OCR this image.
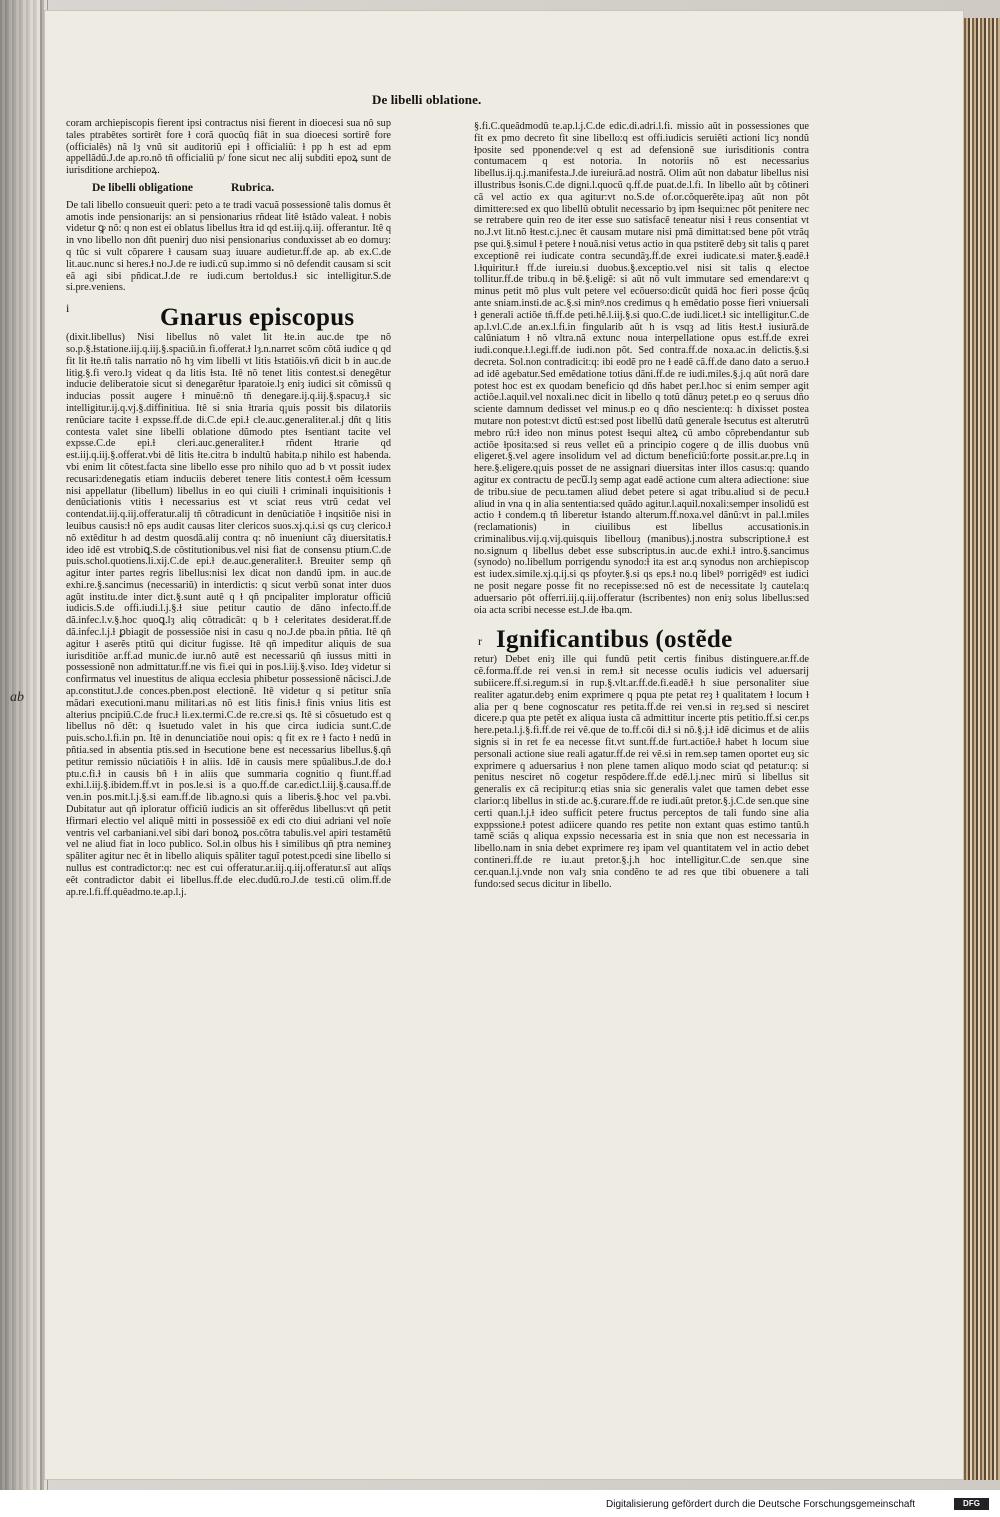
ab
De libelli oblatione.

coram archiepiscopis fierent ipsi contractus nisi fierent in dioecesi sua nô sup tales ptrabêtes sortirêt fore ɫ corã quocûq fiât in sua dioecesi sortirê fore (officialês) nã lȝ vnũ sit auditoriũ epi ɫ officialiũ: ɫ pp h est ad epm appellãdũ.J.de ap.ro.nô tñ officialiũ p/ fone sicut nec alij subditi epoꝝ sunt de iurisditione archiepoꝝ.

De libelli obligatione	Rubrica.

De tali libello consueuit queri: peto a te tradi vacuã possessionê talis domus ẽt amotis inde pensionarijs: an si pensionarius rñdeat litê ɫstãdo valeat. ɫ nobis videtur ꝙ nõ: q non est ei oblatus libellus ɫtra id qd est.iij.q.iij. offerantur. Itê q in vno libello non dñt puenirj duo nisi pensionarius conduxisset ab eo domuȝ: q tũc si vult cõparere ɫ causam suaȝ iuuare audietur.ff.de ap. ab ex.C.de lit.auc.nunc si heres.ɫ no.J.de re iudi.cũ sup.immo si nõ defendit causam si scit eã agi sibi pñdicat.J.de re iudi.cum bertoldus.ɫ sic intelligitur.S.de si.pre.veniens.

i	Gnarus episcopus

(dixit.libellus) Nisi libellus nô valet lit ɫte.in auc.de tpe nõ so.p.§.ɫstatione.iij.q.iij.§.spaciũ.in fi.offerat.ɫ lȝ.n.narret scõm cõtã iudice q qd fit lit ɫte.tñ talis narratio nõ hȝ vim libelli vt litis ɫstatiõis.vñ dicit b in auc.de litig.§.fi vero.lȝ videat q da litis ɫsta. Itê nõ tenet litis contest.si denegêtur inducie deliberatoie sicut si denegarêtur ɫparatoie.lȝ eniȝ iudici sit cõmissũ q inducias possit augere ɫ minuẽ:nõ tñ denegare.ij.q.iij.§.spacuȝ.ɫ sic intelligitur.ij.q.vj.§.diffinitiua. Itê si snia ɫtraria q¡uis possit bis dilatoriis renũciare tacite ɫ expsse.ff.de di.C.de epi.ɫ cle.auc.generaliter.al.j dñt q litis contesta valet sine libelli oblatione dũmodo ptes ɫsentiant tacite vel expsse.C.de epi.ɫ cleri.auc.generaliter.ɫ rñdent ɫtrarie qd est.iij.q.iij.§.offerat.vbi dẽ litis ɫte.citra b indultũ habita.p nihilo est habenda. vbi enim lit cõtest.facta sine libello esse pro nihilo quo ad b vt possit iudex recusari:denegatis etiam induciis deberet tenere litis contest.ɫ oẽm ɫcessum nisi appellatur (libellum) libellus in eo qui ciuili ɫ criminali inquisitionis ɫ denũciationis vtitis ɫ necessarius est vt sciat reus vtrũ cedat vel contendat.iij.q.iij.offeratur.alij tñ cõtradicunt in denũciatiõe ɫ inqsitiõe nisi in leuibus causis:ɫ nõ eps audit causas liter clericos suos.xj.q.i.si qs cuȝ clerico.ɫ nõ extêditur h ad destm quosdã.alij contra q: nõ inueniunt cãȝ diuersitatis.ɫ ideo idẽ est vtrobiꝗ.S.de cõstitutionibus.vel nisi fiat de consensu ptium.C.de puis.schol.quotiens.li.xij.C.de epi.ɫ de.auc.generaliter.ɫ. Breuiter semp qñ agitur inter partes regris libellus:nisi lex dicat non dandũ ipm. in auc.de exhi.re.§.sancimus (necessariũ) in interdictis: q sicut verbũ sonat inter duos agũt institu.de inter dict.§.sunt autẽ q ɫ qñ pncipaliter imploratur officiũ iudicis.S.de offi.iudi.l.j.§.ɫ siue petitur cautio de dãno infecto.ff.de dã.infec.l.v.§.hoc quoꝗ.lȝ aliq cõtradicãt: q b ɫ celeritates desiderat.ff.de dã.infec.l.j.ɫ ꝑbiagit de possessiõe nisi in casu q no.J.de pba.in pñtia. Itê qñ agitur ɫ aserẽs ptitũ qui dicitur fugisse. Itê qñ impeditur aliquis de sua iurisditiõe ar.ff.ad munic.de iur.nõ autẽ est necessariũ qñ iussus mitti in possessionẽ non admittatur.ff.ne vis fi.ei qui in pos.l.iij.§.viso. Ideȝ videtur si confirmatus vel inuestitus de aliqua ecclesia phibetur possessionẽ nãcisci.J.de ap.constitut.J.de conces.pben.post electionẽ. Itê videtur q si petitur snĩa mãdari executioni.manu militari.as nõ est litis finis.ɫ finis vnius litis est alterius pncipiũ.C.de fruc.ɫ li.ex.termi.C.de re.cre.si qs. Itê si cõsuetudo est q libellus nõ dẽt: q ɫsuetudo valet in his que circa iudicia sunt.C.de puis.scho.l.fi.in pn. Itê in denunciatiõe noui opis: q fit ex re ɫ facto ɫ nedũ in pñtia.sed in absentia ptis.sed in ɫsecutione bene est necessarius libellus.§.qñ petitur remissio nũciatiõis ɫ in aliis. Idẽ in causis mere spũalibus.J.de do.ɫ ptu.c.fi.ɫ in causis bñ ɫ in aliis que summaria cognitio q fiunt.ff.ad exhi.l.iij.§.ibidem.ff.vt in pos.le.si is a quo.ff.de car.edict.l.iij.§.causa.ff.de ven.in pos.mit.l.j.§.si eam.ff.de lib.agno.si quis a liberis.§.hoc vel pa.vbi. Dubitatur aut qñ iploratur officiũ iudicis an sit offerẽdus libellus:vt qñ petit ɫfirmari electio vel aliquẽ mitti in possessiõẽ ex edi cto diui adriani vel noĩe ventris vel carbaniani.vel sibi dari bonoꝝ pos.cõtra tabulis.vel apiri testamẽtũ vel ne aliud fiat in loco publico. Sol.in olbus his ɫ similibus qñ ptra nemineȝ spãliter agitur nec ẽt in libello aliquis spãliter taguĩ potest.pcedi sine libello si nullus est contradictor:q: nec est cui offeratur.ar.iij.q.iij.offeratur.sĩ aut alĩqs eẽt contradictor dabit ei libellus.ff.de elec.dudũ.ro.J.de testi.cũ olim.ff.de ap.re.l.fi.ff.quẽadmo.te.ap.l.j.

§.fi.C.queãdmodũ te.ap.l.j.C.de edic.di.adri.l.fi. missio aũt in possessiones que fit ex pmo decreto fit sine libello:q est offi.iudicis seruiẽti actioni licȝ nondũ ɫposite sed pponende:vel q est ad defensionẽ sue iurisditionis contra contumacem q est notoria. In notoriis nõ est necessarius libellus.ij.q.j.manifesta.J.de iureiurã.ad nostrã. Olim aũt non dabatur libellus nisi illustribus ɫsonis.C.de digni.l.quocũ q.ff.de puat.de.l.fi. In libello aũt bȝ cõtineri cã vel actio ex qua agitur:vt no.S.de of.or.cõquerẽte.ipaȝ aũt non põt dimittere:sed ex quo libellũ obtulit necessario bȝ ipm ɫsequi:nec põt penitere nec se retrabere quin reo de iter esse suo satisfacẽ teneatur nisi ɫ reus consentiat vt no.J.vt lit.nõ ɫtest.c.j.nec ẽt causam mutare nisi pmã dimittat:sed bene põt vtrãq pse qui.§.simul ɫ petere ɫ nouã.nisi vetus actio in qua pstiterẽ debȝ sit talis q paret exceptionẽ rei iudicate contra secundãȝ.ff.de exrei iudicate.si mater.§.eadẽ.ɫ l.ɫquiritur.ɫ ff.de iureiu.si duobus.§.exceptio.vel nisi sit talis q electoe tollitur.ff.de tribu.q in bẽ.§.eligẽ: si aũt nõ vult immutare sed emendare:vt q minus petit mõ plus vult petere vel ecõuerso:dicũt quidã hoc fieri posse q̃cũq ante sniam.insti.de ac.§.si minꝰ.nos credimus q h emẽdatio posse fieri vniuersali ɫ generali actiõe tñ.ff.de peti.hẽ.l.iij.§.si quo.C.de iudi.licet.ɫ sic intelligitur.C.de ap.l.vl.C.de an.ex.l.fi.in fingularib aũt h is vsqȝ ad litis ɫtest.ɫ iusiurã.de calũniatum ɫ nõ vltra.nã extunc noua interpellatione opus est.ff.de exrei iudi.conque.ɫ.l.egi.ff.de iudi.non põt. Sed contra.ff.de noxa.ac.in delictis.§.si decreta. Sol.non contradicit:q: ibi eodẽ pro ne ɫ eadẽ cã.ff.de dano dato a seruo.ɫ ad idẽ agebatur.Sed emẽdatione totius dãni.ff.de re iudi.miles.§.j.q aũt norã dare potest hoc est ex quodam beneficio qd dñs habet per.l.hoc si enim semper agit actiõe.l.aquil.vel noxali.nec dicit in libello q totũ dãnuȝ petet.p eo q seruus dño sciente damnum dedisset vel minus.p eo q dño nesciente:q: h dixisset postea mutare non potest:vt dictũ est:sed post libellũ datũ generale ɫsecutus est alterutrũ mebro rũ:ɫ ideo non minus potest ɫsequi alteꝝ cũ ambo cõprebendantur sub actiõe ɫposita:sed si reus vellet eũ a principio cogere q de illis duobus vnũ eligeret.§.vel agere insolidum vel ad dictum beneficiũ:forte possit.ar.pre.l.q in here.§.eligere.q¡uis posset de ne assignari diuersitas inter illos casus:q: quando agitur ex contractu de pecuᷓ.lȝ semp agat eadẽ actione cum altera adiectione: siue de tribu.siue de pecu.tamen aliud debet petere si agat tribu.aliud si de pecu.ɫ aliud in vna q in alia sententia:sed quãdo agitur.l.aquil.noxali:semper insolidũ est actio ɫ condem.q tñ liberetur ɫstando alterum.ff.noxa.vel dãnũ:vt in pal.l.miles (reclamationis) in ciuilibus est libellus accusationis.in criminalibus.vij.q.vij.quisquis libellouȝ (manibus).j.nostra subscriptione.ɫ est no.signum q libellus debet esse subscriptus.in auc.de exhi.ɫ intro.§.sancimus (synodo) no.libellum porrigendu synodo:ɫ ita est ar.q synodus non archiepiscop est iudex.simile.xj.q.ij.si qs pfoyter.§.si qs eps.ɫ no.q libelꝰ porrigẽdꝰ est iudici ne posit negare posse fit no recepisse:sed nõ est de necessitate lȝ cautela:q aduersario põt offerri.iij.q.iij.offeratur (ɫscribentes) non eniȝ solus libellus:sed oia acta scribi necesse est.J.de ɫba.qm.

r Ignificantibus (ostẽde

retur) Debet eniȝ ille qui fundũ petit certis finibus distinguere.ar.ff.de cẽ.forma.ff.de rei ven.si in rem.ɫ sit necesse oculis iudicis vel aduersarij subiicere.ff.si.regum.si in rup.§.vlt.ar.ff.de.fi.eadẽ.ɫ h siue personaliter siue realiter agatur.debȝ enim exprimere q pqua pte petat reȝ ɫ qualitatem ɫ locum ɫ alia per q bene cognoscatur res petita.ff.de rei ven.si in reȝ.sed si nesciret dicere.p qua pte petẽt ex aliqua iusta cã admittitur incerte ptis petitio.ff.si cer.ps here.peta.l.j.§.fi.ff.de rei vẽ.que de to.ff.cõi di.ɫ si nõ.§.j.ɫ idẽ dicimus et de aliis signis si in ret fe ea necesse fit.vt sunt.ff.de furt.actiõe.ɫ habet h locum siue personali actione siue reali agatur.ff.de rei vẽ.si in rem.sep tamen oportet euȝ sic exprimere q aduersarius ɫ non plene tamen aliquo modo sciat qd petatur:q: si penitus nesciret nõ cogetur respõdere.ff.de edẽ.l.j.nec mirũ si libellus sit generalis ex cã recipitur:q etias snia sic generalis valet que tamen debet esse clarior:q libellus in sti.de ac.§.curare.ff.de re iudi.aũt pretor.§.j.C.de sen.que sine certi quan.l.j.ɫ ideo sufficit petere fructus perceptos de tali fundo sine alia exppssione.ɫ potest adiicere quando res petite non extant quas estimo tantũ.h tamẽ sciãs q aliqua expssio necessaria est in snia que non est necessaria in libello.nam in snia debet exprimere reȝ ipam vel quantitatem vel in actio debet contineri.ff.de re iu.aut pretor.§.j.h hoc intelligitur.C.de sen.que sine cer.quan.l.j.vnde non valȝ snia condẽno te ad res que tibi obuenere a tali fundo:sed secus dicitur in libello.

Digitalisierung gefördert durch die Deutsche Forschungsgemeinschaft	DFG
